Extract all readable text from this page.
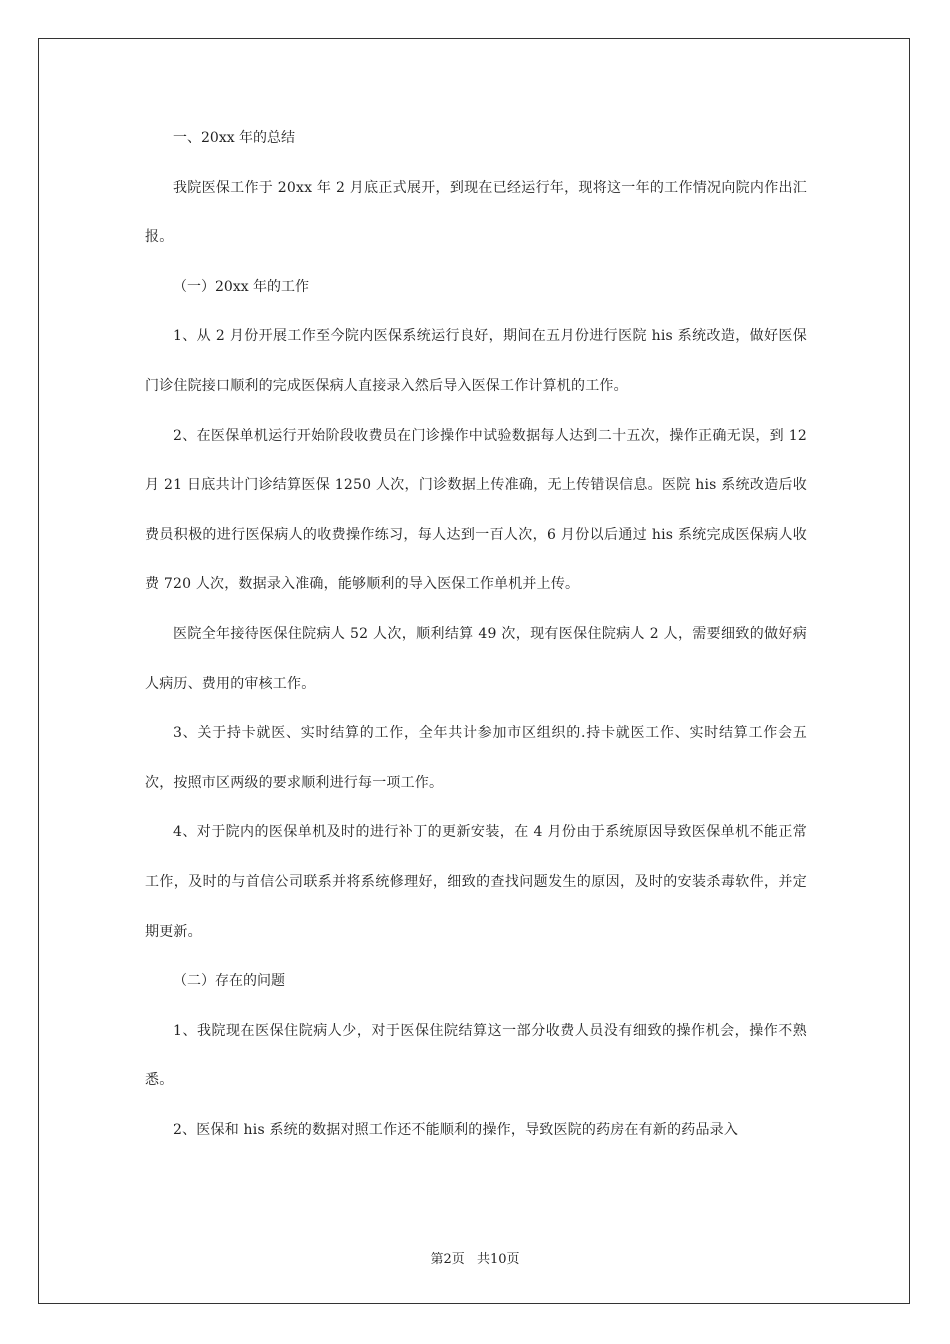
一、20xx 年的总结

我院医保工作于 20xx 年 2 月底正式展开，到现在已经运行年，现将这一年的工作情况向院内作出汇报。

（一）20xx 年的工作

1、从 2 月份开展工作至今院内医保系统运行良好，期间在五月份进行医院 his 系统改造，做好医保门诊住院接口顺利的完成医保病人直接录入然后导入医保工作计算机的工作。

2、在医保单机运行开始阶段收费员在门诊操作中试验数据每人达到二十五次，操作正确无误，到 12 月 21 日底共计门诊结算医保 1250 人次，门诊数据上传准确，无上传错误信息。医院 his 系统改造后收费员积极的进行医保病人的收费操作练习，每人达到一百人次，6 月份以后通过 his 系统完成医保病人收费 720 人次，数据录入准确，能够顺利的导入医保工作单机并上传。

医院全年接待医保住院病人 52 人次，顺利结算 49 次，现有医保住院病人 2 人，需要细致的做好病人病历、费用的审核工作。

3、关于持卡就医、实时结算的工作，全年共计参加市区组织的.持卡就医工作、实时结算工作会五次，按照市区两级的要求顺利进行每一项工作。

4、对于院内的医保单机及时的进行补丁的更新安装，在 4 月份由于系统原因导致医保单机不能正常工作，及时的与首信公司联系并将系统修理好，细致的查找问题发生的原因，及时的安装杀毒软件，并定期更新。

（二）存在的问题

1、我院现在医保住院病人少，对于医保住院结算这一部分收费人员没有细致的操作机会，操作不熟悉。

2、医保和 his 系统的数据对照工作还不能顺利的操作，导致医院的药房在有新的药品录入

第2页 共10页
